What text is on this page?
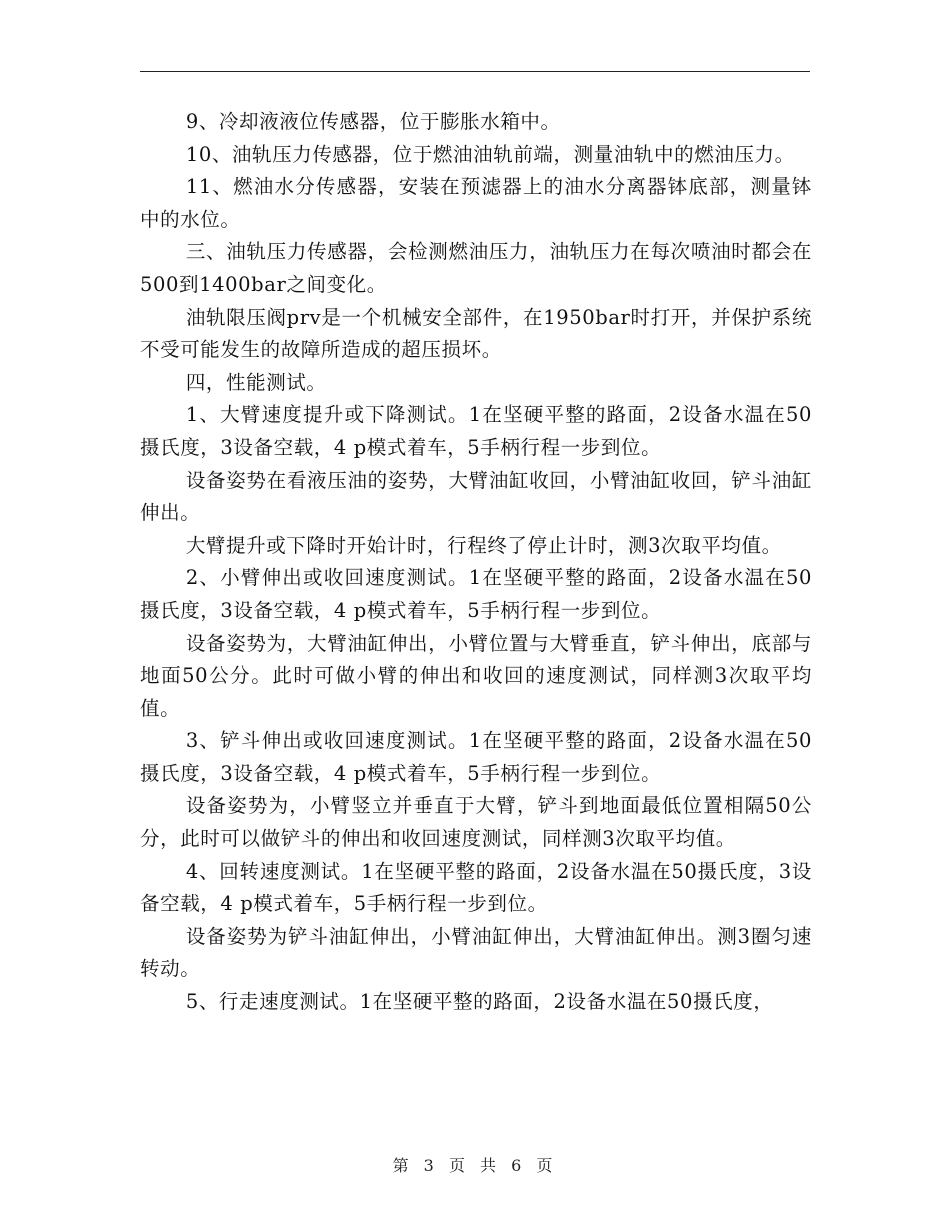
9、冷却液液位传感器，位于膨胀水箱中。

10、油轨压力传感器，位于燃油油轨前端，测量油轨中的燃油压力。

11、燃油水分传感器，安装在预滤器上的油水分离器钵底部，测量钵中的水位。

三、油轨压力传感器，会检测燃油压力，油轨压力在每次喷油时都会在500到1400bar之间变化。

油轨限压阀prv是一个机械安全部件，在1950bar时打开，并保护系统不受可能发生的故障所造成的超压损坏。

四，性能测试。

1、大臂速度提升或下降测试。1在坚硬平整的路面，2设备水温在50摄氏度，3设备空载，4 p模式着车，5手柄行程一步到位。

设备姿势在看液压油的姿势，大臂油缸收回，小臂油缸收回，铲斗油缸伸出。

大臂提升或下降时开始计时，行程终了停止计时，测3次取平均值。

2、小臂伸出或收回速度测试。1在坚硬平整的路面，2设备水温在50摄氏度，3设备空载，4 p模式着车，5手柄行程一步到位。

设备姿势为，大臂油缸伸出，小臂位置与大臂垂直，铲斗伸出，底部与地面50公分。此时可做小臂的伸出和收回的速度测试，同样测3次取平均值。

3、铲斗伸出或收回速度测试。1在坚硬平整的路面，2设备水温在50摄氏度，3设备空载，4 p模式着车，5手柄行程一步到位。

设备姿势为，小臂竖立并垂直于大臂，铲斗到地面最低位置相隔50公分，此时可以做铲斗的伸出和收回速度测试，同样测3次取平均值。

4、回转速度测试。1在坚硬平整的路面，2设备水温在50摄氏度，3设备空载，4 p模式着车，5手柄行程一步到位。

设备姿势为铲斗油缸伸出，小臂油缸伸出，大臂油缸伸出。测3圈匀速转动。

5、行走速度测试。1在坚硬平整的路面，2设备水温在50摄氏度，

第 3 页 共 6 页
